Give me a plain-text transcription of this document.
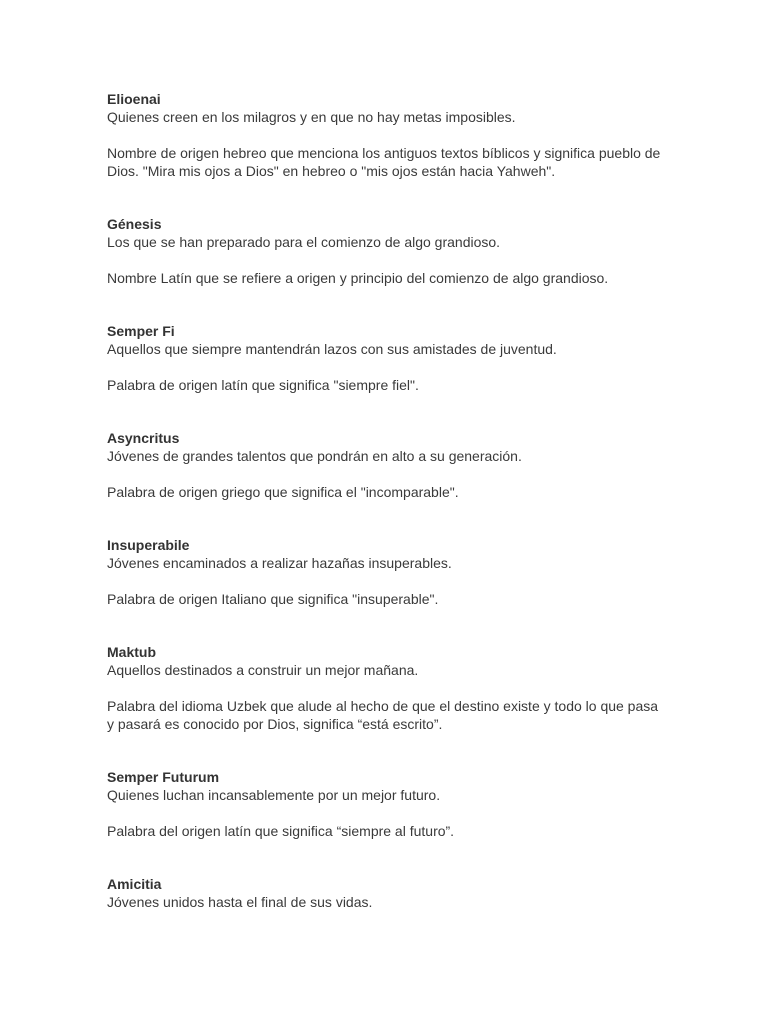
Elioenai

Quienes creen en los milagros y en que no hay metas imposibles.

Nombre de origen hebreo que menciona los antiguos textos bíblicos y significa pueblo de Dios. "Mira mis ojos a Dios" en hebreo o "mis ojos están hacia Yahweh".

Génesis

Los que se han preparado para el comienzo de algo grandioso.

Nombre Latín que se refiere a origen y principio del comienzo de algo grandioso.

Semper Fi

Aquellos que siempre mantendrán lazos con sus amistades de juventud.

Palabra de origen latín que significa "siempre fiel".

Asyncritus

Jóvenes de grandes talentos que pondrán en alto a su generación.

Palabra de origen griego que significa el "incomparable".

Insuperabile

Jóvenes encaminados a realizar hazañas insuperables.

Palabra de origen Italiano que significa "insuperable".

Maktub

Aquellos destinados a construir un mejor mañana.

Palabra del idioma Uzbek que alude al hecho de que el destino existe y todo lo que pasa y pasará es conocido por Dios, significa “está escrito”.

Semper Futurum

Quienes luchan incansablemente por un mejor futuro.

Palabra del origen latín que significa “siempre al futuro”.

Amicitia

Jóvenes unidos hasta el final de sus vidas.
